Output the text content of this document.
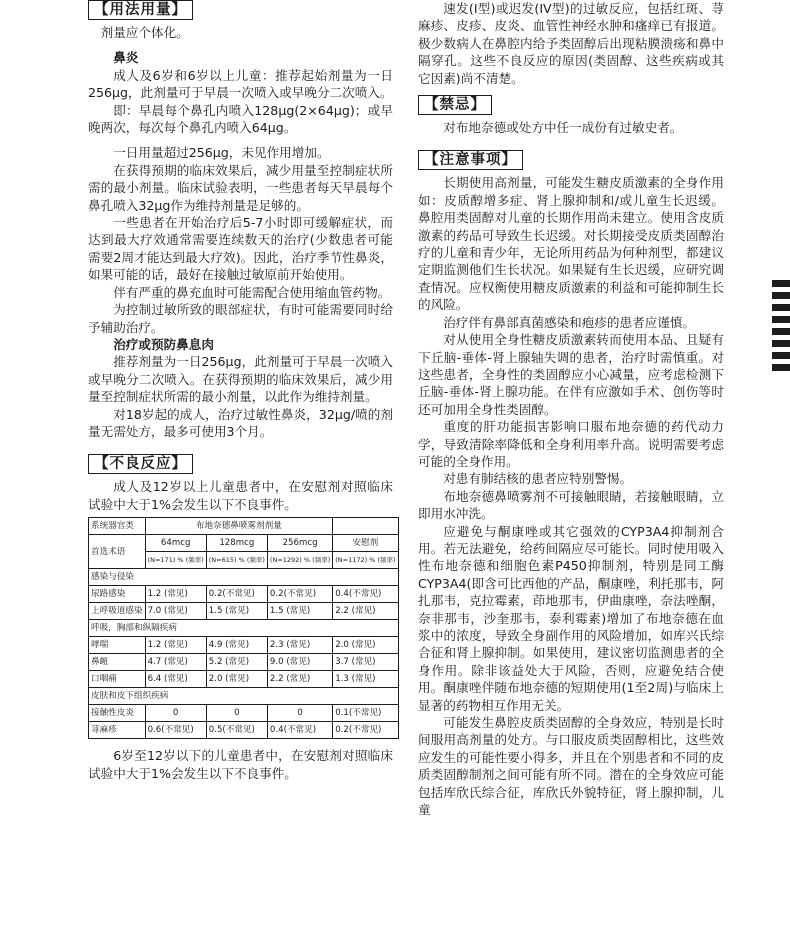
【用法用量】

剂量应个体化。

鼻炎

成人及6岁和6岁以上儿童：推荐起始剂量为一日256μg，此剂量可于早晨一次喷入或早晚分二次喷入。

即：早晨每个鼻孔内喷入128μg(2×64μg)；或早晚两次，每次每个鼻孔内喷入64μg。

一日用量超过256μg，未见作用增加。

在获得预期的临床效果后，减少用量至控制症状所需的最小剂量。临床试验表明，一些患者每天早晨每个鼻孔喷入32μg作为维持剂量是足够的。

一些患者在开始治疗后5-7小时即可缓解症状，而达到最大疗效通常需要连续数天的治疗(少数患者可能需要2周才能达到最大疗效)。因此，治疗季节性鼻炎，如果可能的话，最好在接触过敏原前开始使用。

伴有严重的鼻充血时可能需配合使用缩血管药物。

为控制过敏所致的眼部症状，有时可能需要同时给予辅助治疗。

治疗或预防鼻息肉

推荐剂量为一日256μg，此剂量可于早晨一次喷入或早晚分二次喷入。在获得预期的临床效果后，减少用量至控制症状所需的最小剂量，以此作为维持剂量。

对18岁起的成人，治疗过敏性鼻炎，32μg/喷的剂量无需处方，最多可使用3个月。

【不良反应】

成人及12岁以上儿童患者中，在安慰剂对照临床试验中大于1%会发生以下不良事件。

系统器官类	布地奈德鼻喷雾剂剂量			
首选术语	64mcg	128mcg	256mcg	安慰剂
	(N=171) % (频率)	(N=615) % (频率)	(N=1292) % (频率)	(N=1172) % (频率)
感染与侵染				
尿路感染	1.2 (常见)	0.2(不常见)	0.2(不常见)	0.4(不常见)
上呼吸道感染	7.0 (常见)	1.5 (常见)	1.5 (常见)	2.2 (常见)
呼吸，胸部和纵隔疾病				
哮喘	1.2 (常见)	4.9 (常见)	2.3 (常见)	2.0 (常见)
鼻衄	4.7 (常见)	5.2 (常见)	9.0 (常见)	3.7 (常见)
口咽痛	6.4 (常见)	2.0 (常见)	2.2 (常见)	1.3 (常见)
皮肤和皮下组织疾病				
接触性皮炎	0	0	0	0.1(不常见)
荨麻疹	0.6(不常见)	0.5(不常见)	0.4(不常见)	0.2(不常见)

6岁至12岁以下的儿童患者中，在安慰剂对照临床试验中大于1%会发生以下不良事件。

速发(I型)或迟发(IV型)的过敏反应，包括红斑、荨麻疹、皮疹、皮炎、血管性神经水肿和瘙痒已有报道。极少数病人在鼻腔内给予类固醇后出现粘膜溃疡和鼻中隔穿孔。这些不良反应的原因(类固醇、这些疾病或其它因素)尚不清楚。

【禁忌】

对布地奈德或处方中任一成份有过敏史者。

【注意事项】

长期使用高剂量，可能发生糖皮质激素的全身作用如：皮质醇增多症、肾上腺抑制和/或儿童生长迟缓。鼻腔用类固醇对儿童的长期作用尚未建立。使用含皮质激素的药品可导致生长迟缓。对长期接受皮质类固醇治疗的儿童和青少年，无论所用药品为何种剂型，都建议定期监测他们生长状况。如果疑有生长迟缓，应研究调查情况。应权衡使用糖皮质激素的利益和可能抑制生长的风险。

治疗伴有鼻部真菌感染和疱疹的患者应谨慎。

对从使用全身性糖皮质激素转而使用本品、且疑有下丘脑-垂体-肾上腺轴失调的患者，治疗时需慎重。对这些患者，全身性的类固醇应小心减量，应考虑检测下丘脑-垂体-肾上腺功能。在伴有应激如手术、创伤等时还可加用全身性类固醇。

重度的肝功能损害影响口服布地奈德的药代动力学，导致清除率降低和全身利用率升高。说明需要考虑可能的全身作用。

对患有肺结核的患者应特别警惕。

布地奈德鼻喷雾剂不可接触眼睛，若接触眼睛，立即用水冲洗。

应避免与酮康唑或其它强效的CYP3A4抑制剂合用。若无法避免，给药间隔应尽可能长。同时使用吸入性布地奈德和细胞色素P450抑制剂，特别是同工酶CYP3A4(即含可比西他的产品，酮康唑，利托那韦，阿扎那韦，克拉霉素，茚地那韦，伊曲康唑，奈法唑酮，奈非那韦，沙奎那韦，泰利霉素)增加了布地奈德在血浆中的浓度，导致全身副作用的风险增加，如库兴氏综合征和肾上腺抑制。如果使用，建议密切监测患者的全身作用。除非该益处大于风险，否则，应避免结合使用。酮康唑伴随布地奈德的短期使用(1至2周)与临床上显著的药物相互作用无关。

可能发生鼻腔皮质类固醇的全身效应，特别是长时间服用高剂量的处方。与口服皮质类固醇相比，这些效应发生的可能性要小得多，并且在个别患者和不同的皮质类固醇制剂之间可能有所不同。潜在的全身效应可能包括库欣氏综合征，库欣氏外貌特征，肾上腺抑制，儿童
